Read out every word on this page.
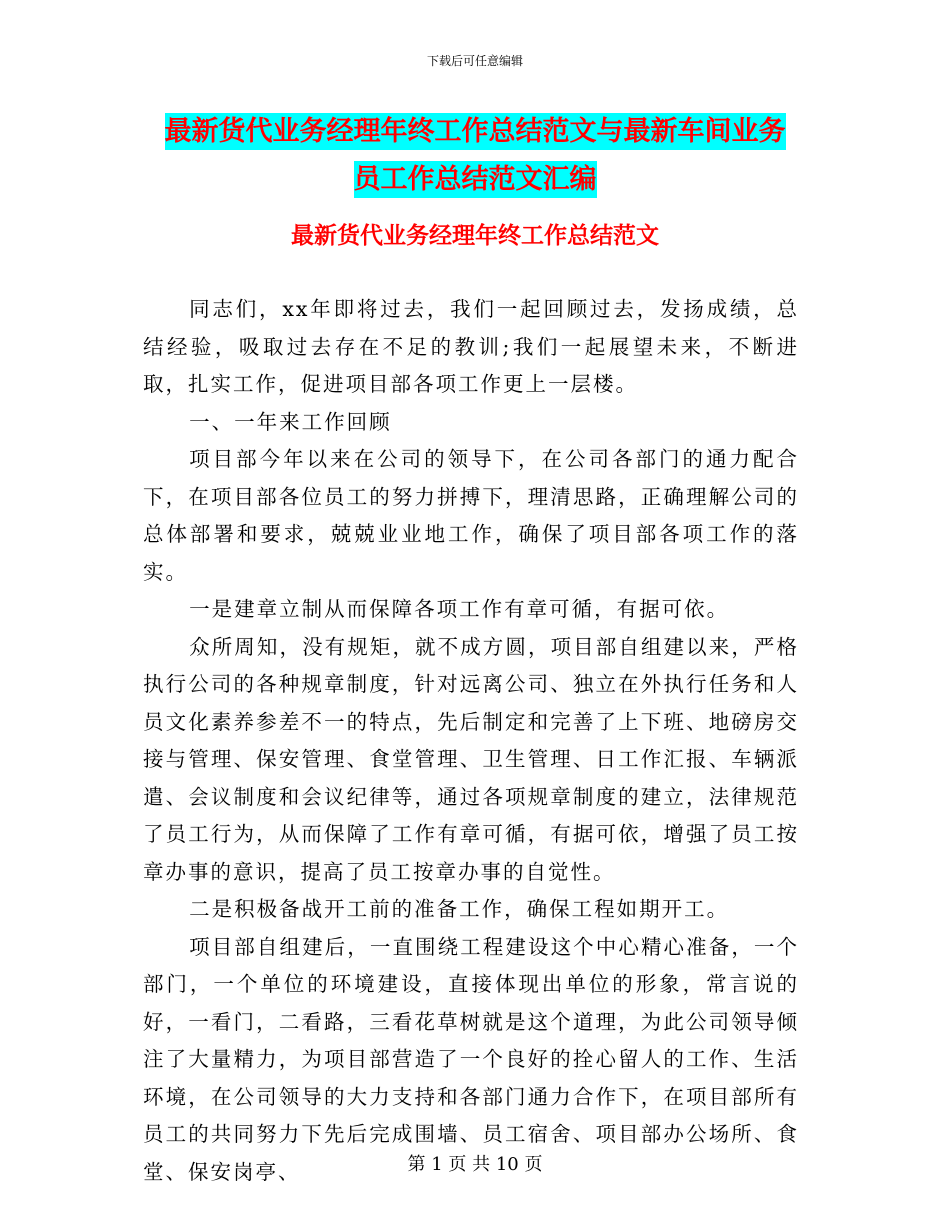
下载后可任意编辑
最新货代业务经理年终工作总结范文与最新车间业务
员工作总结范文汇编
最新货代业务经理年终工作总结范文

同志们，xx年即将过去，我们一起回顾过去，发扬成绩，总结经验，吸取过去存在不足的教训;我们一起展望未来，不断进取，扎实工作，促进项目部各项工作更上一层楼。

一、一年来工作回顾

项目部今年以来在公司的领导下，在公司各部门的通力配合下，在项目部各位员工的努力拼搏下，理清思路，正确理解公司的总体部署和要求，兢兢业业地工作，确保了项目部各项工作的落实。

一是建章立制从而保障各项工作有章可循，有据可依。

众所周知，没有规矩，就不成方圆，项目部自组建以来，严格执行公司的各种规章制度，针对远离公司、独立在外执行任务和人员文化素养参差不一的特点，先后制定和完善了上下班、地磅房交接与管理、保安管理、食堂管理、卫生管理、日工作汇报、车辆派遣、会议制度和会议纪律等，通过各项规章制度的建立，法律规范了员工行为，从而保障了工作有章可循，有据可依，增强了员工按章办事的意识，提高了员工按章办事的自觉性。

二是积极备战开工前的准备工作，确保工程如期开工。

项目部自组建后，一直围绕工程建设这个中心精心准备，一个部门，一个单位的环境建设，直接体现出单位的形象，常言说的好，一看门，二看路，三看花草树就是这个道理，为此公司领导倾注了大量精力，为项目部营造了一个良好的拴心留人的工作、生活环境，在公司领导的大力支持和各部门通力合作下，在项目部所有员工的共同努力下先后完成围墙、员工宿舍、项目部办公场所、食堂、保安岗亭、	第 1 页 共 10 页
